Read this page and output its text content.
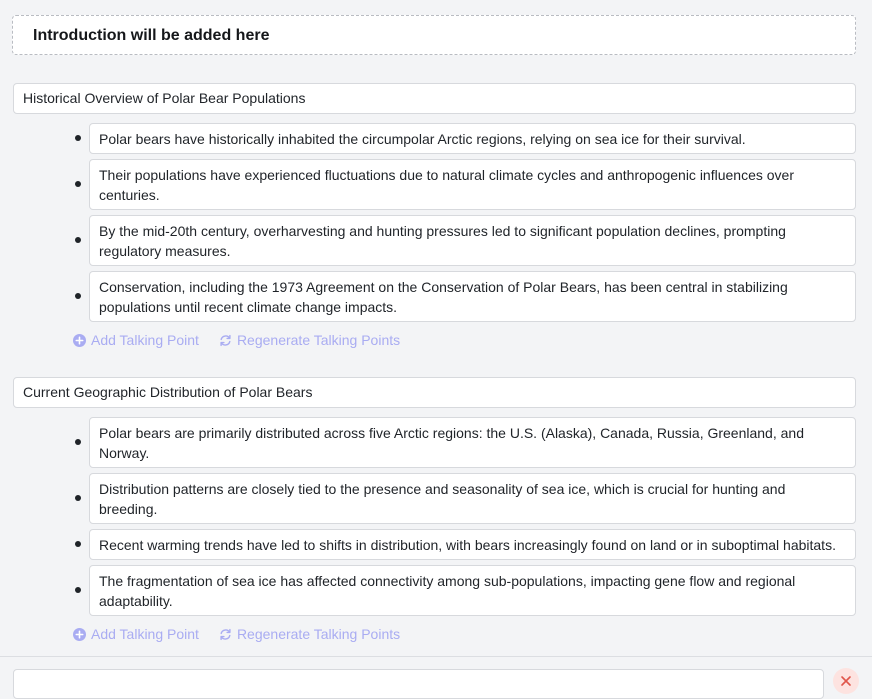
Introduction will be added here
Historical Overview of Polar Bear Populations
Polar bears have historically inhabited the circumpolar Arctic regions, relying on sea ice for their survival.
Their populations have experienced fluctuations due to natural climate cycles and anthropogenic influences over centuries.
By the mid-20th century, overharvesting and hunting pressures led to significant population declines, prompting regulatory measures.
Conservation, including the 1973 Agreement on the Conservation of Polar Bears, has been central in stabilizing populations until recent climate change impacts.
Add Talking Point	Regenerate Talking Points
Current Geographic Distribution of Polar Bears
Polar bears are primarily distributed across five Arctic regions: the U.S. (Alaska), Canada, Russia, Greenland, and Norway.
Distribution patterns are closely tied to the presence and seasonality of sea ice, which is crucial for hunting and breeding.
Recent warming trends have led to shifts in distribution, with bears increasingly found on land or in suboptimal habitats.
The fragmentation of sea ice has affected connectivity among sub-populations, impacting gene flow and regional adaptability.
Add Talking Point	Regenerate Talking Points
